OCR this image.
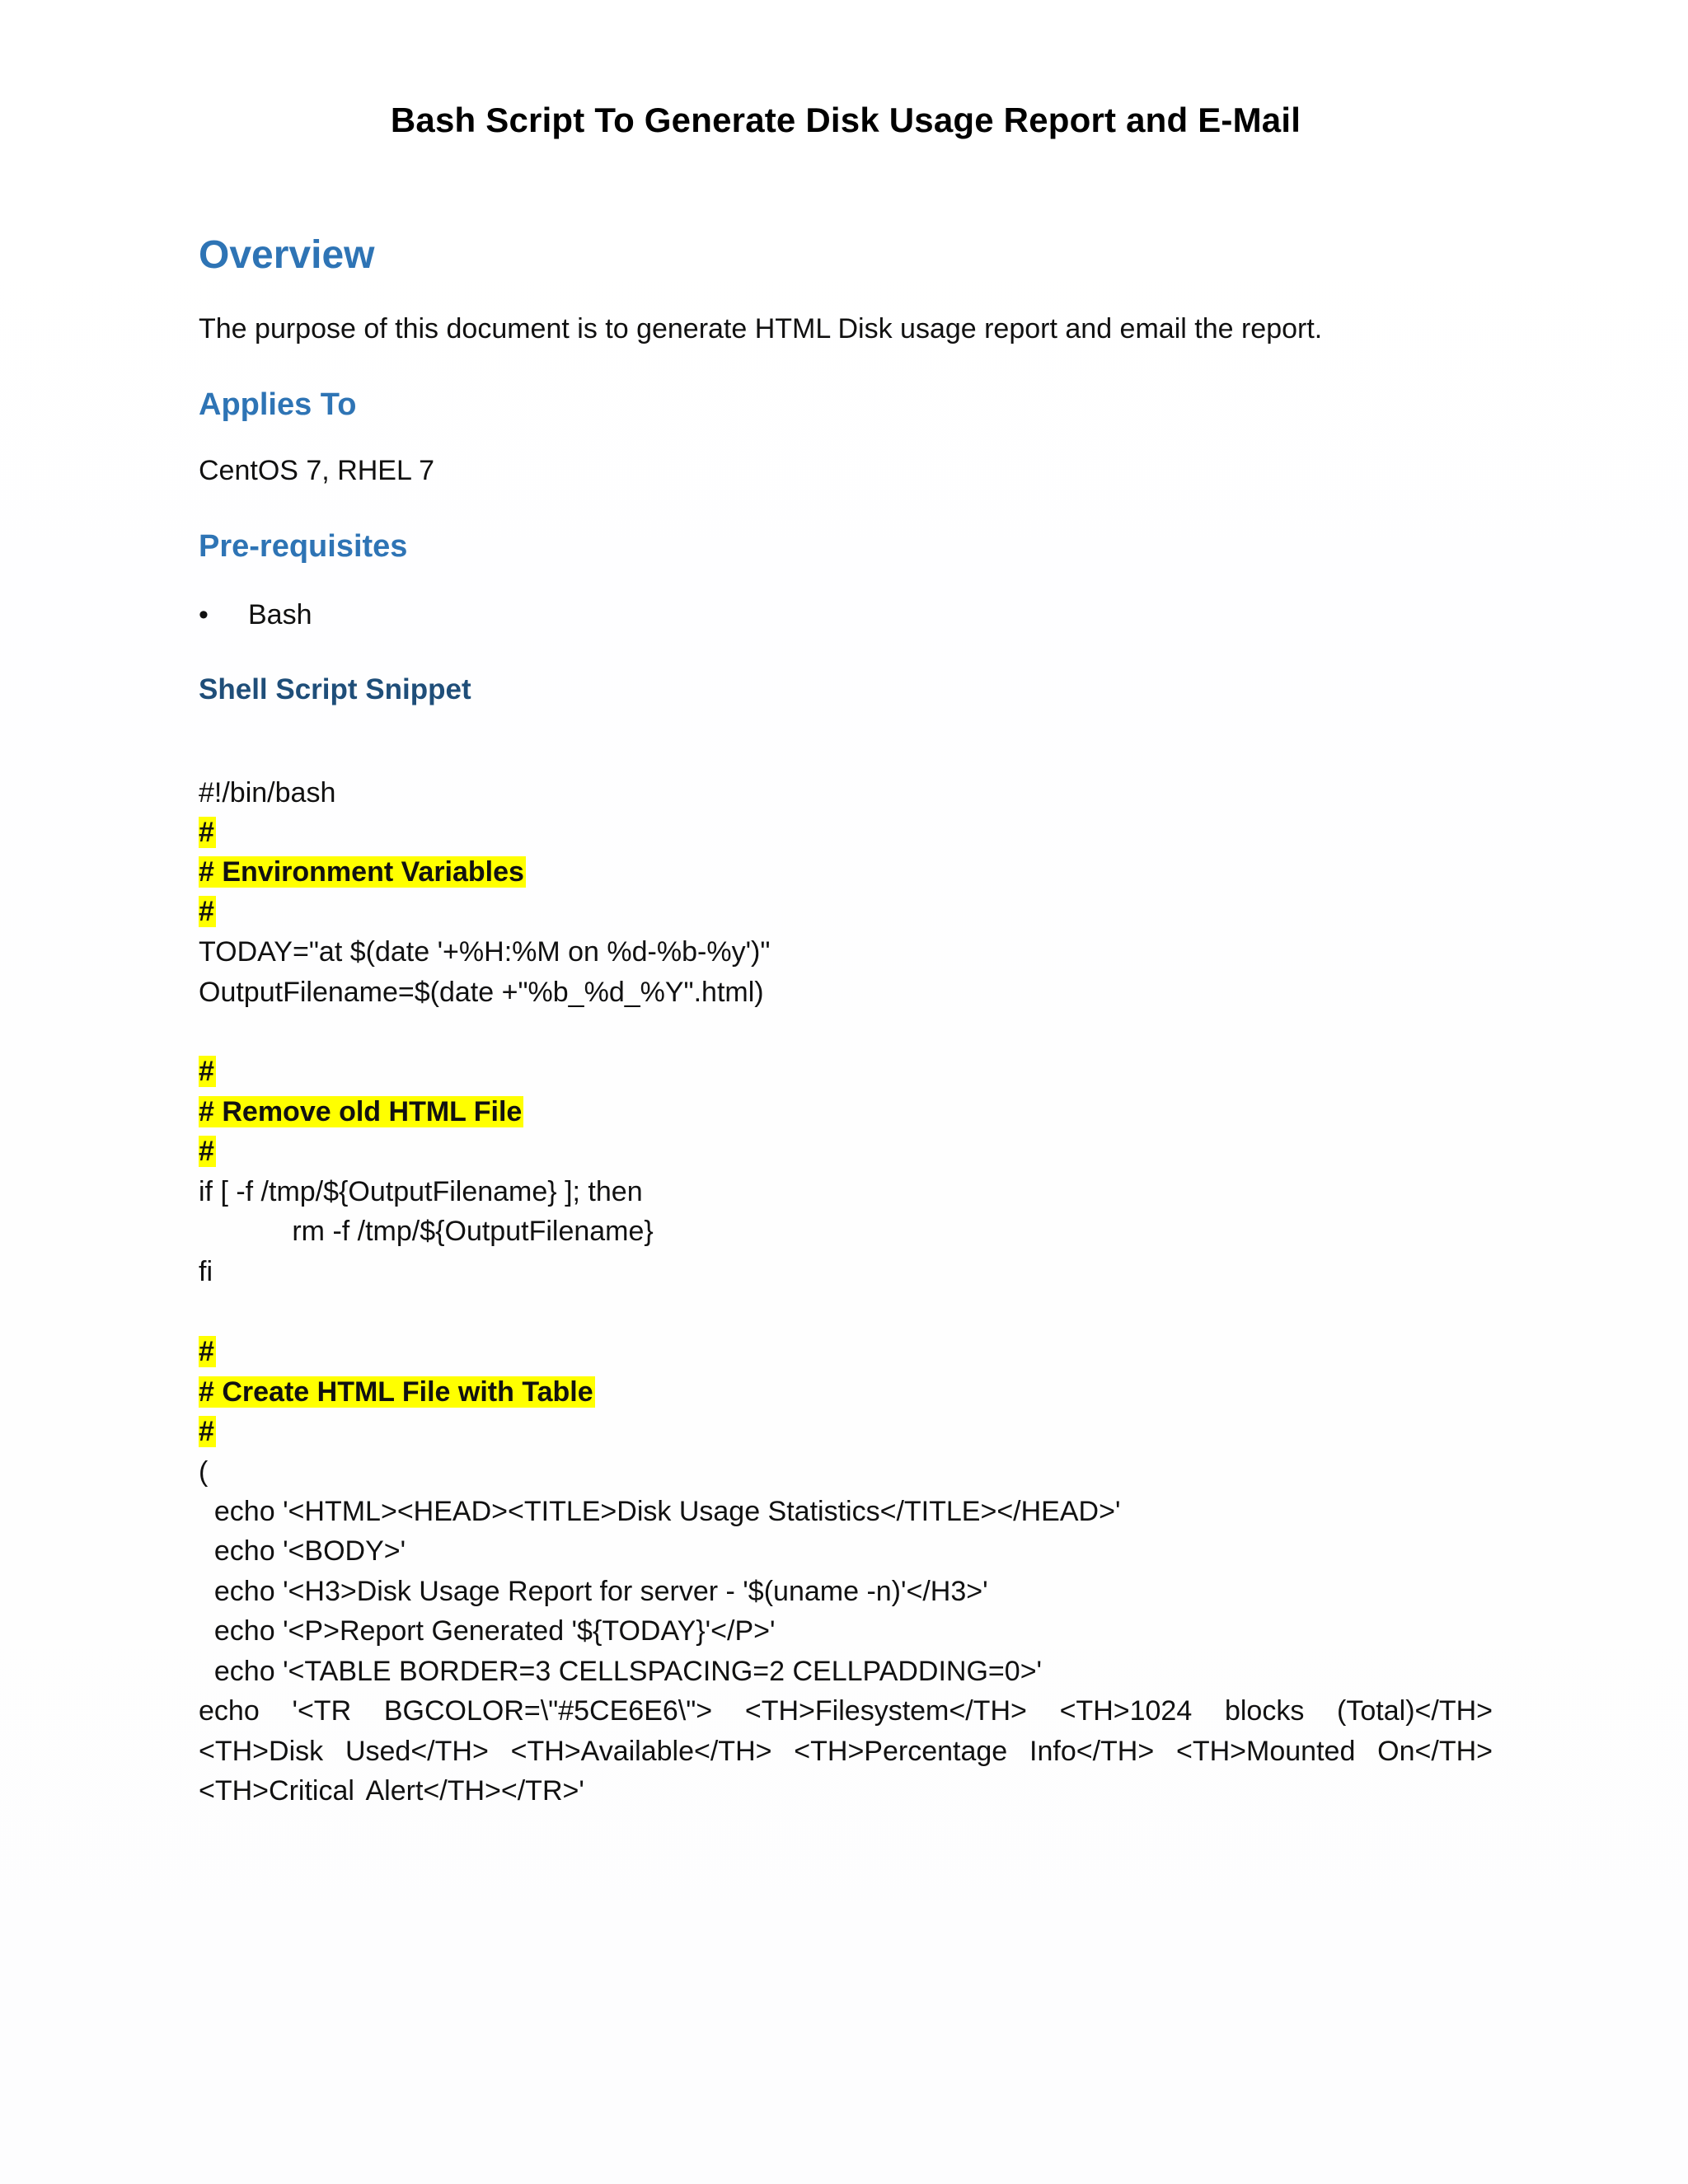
Bash Script To Generate Disk Usage Report and E-Mail
Overview
The purpose of this document is to generate HTML Disk usage report and email the report.
Applies To
CentOS 7, RHEL 7
Pre-requisites
• Bash
Shell Script Snippet
#!/bin/bash
#
# Environment Variables
#
TODAY="at $(date '+%H:%M on %d-%b-%y')"
OutputFilename=$(date +"%b_%d_%Y".html)
#
# Remove old HTML File
#
if [ -f /tmp/${OutputFilename} ]; then
rm -f /tmp/${OutputFilename}
fi
#
# Create HTML File with Table
#
(
echo '<HTML><HEAD><TITLE>Disk Usage Statistics</TITLE></HEAD>'
echo '<BODY>'
echo '<H3>Disk Usage Report for server - '$(uname -n)'</H3>'
echo '<P>Report Generated '${TODAY}'</P>'
echo '<TABLE BORDER=3 CELLSPACING=2 CELLPADDING=0>'
echo '<TR BGCOLOR=\"#5CE6E6\"> <TH>Filesystem</TH> <TH>1024 blocks (Total)</TH> <TH>Disk Used</TH> <TH>Available</TH> <TH>Percentage Info</TH> <TH>Mounted On</TH> <TH>Critical Alert</TH></TR>'
